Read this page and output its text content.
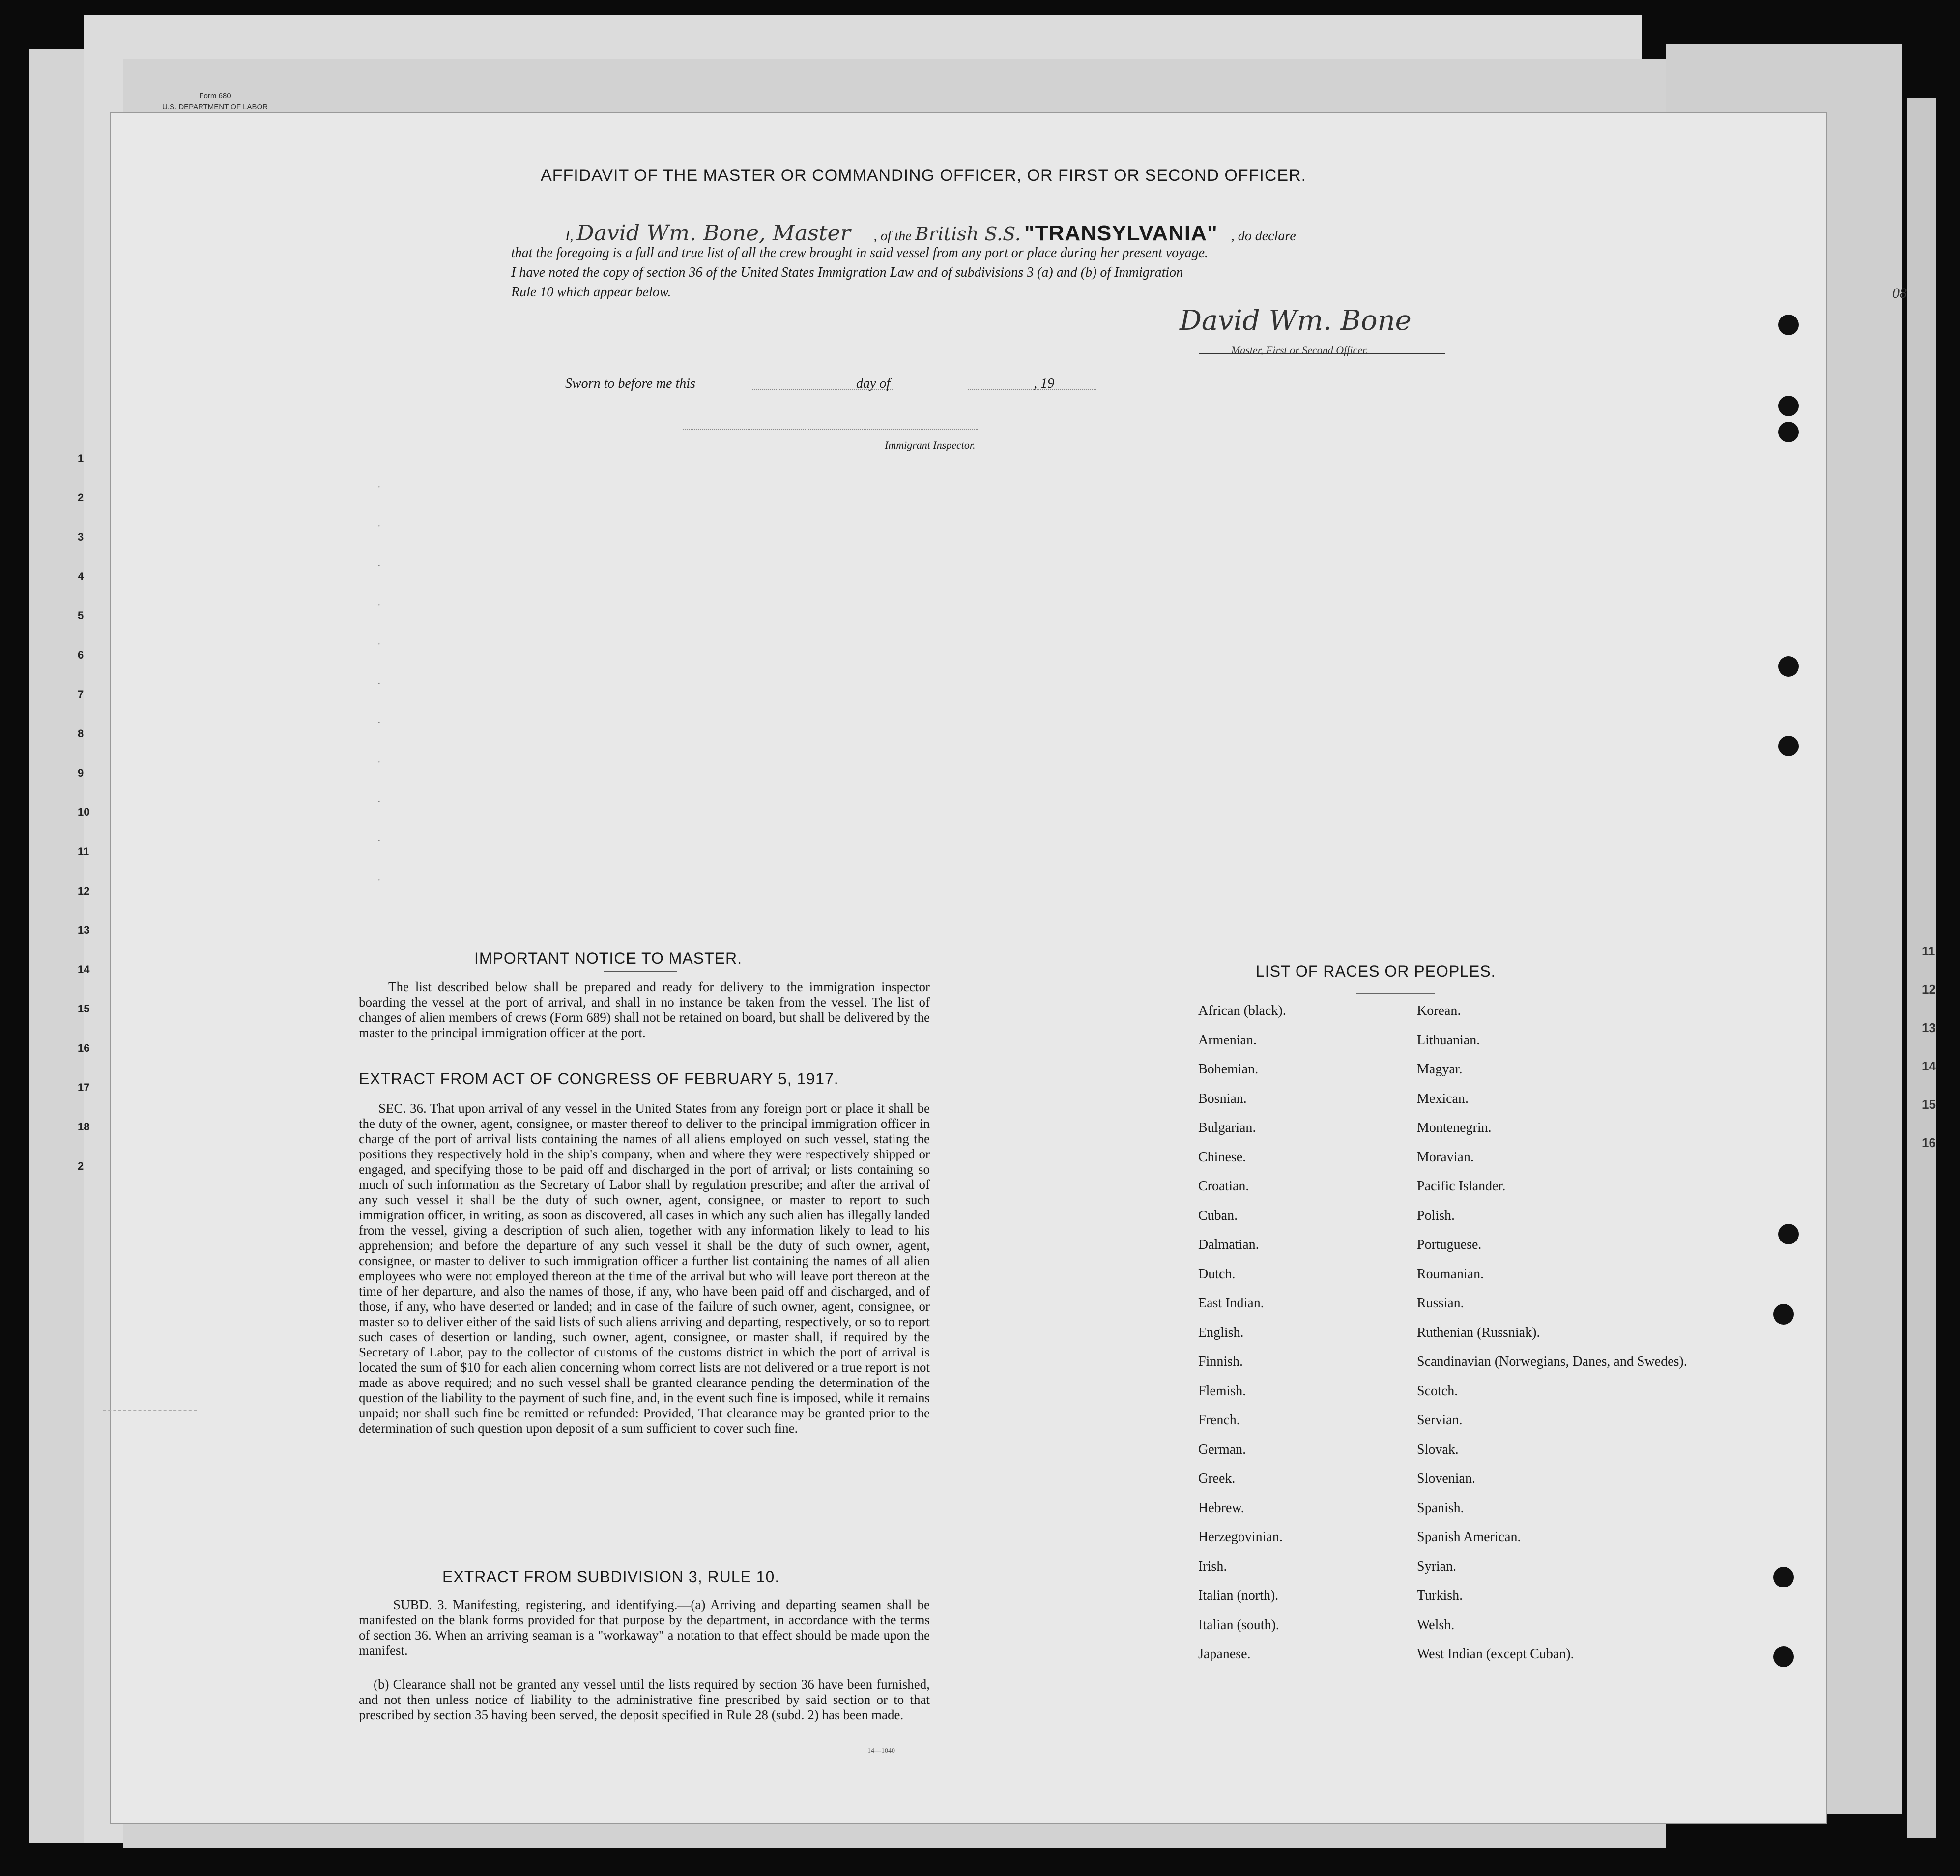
Form 680
U.S. DEPARTMENT OF LABOR
1
2
3
4
5
6
7
8
9
10
11
12
13
14
15
16
17
18
2
11
12
13
14
15
16
08
AFFIDAVIT OF THE MASTER OR COMMANDING OFFICER, OR FIRST OR SECOND OFFICER.
I, David Wm. Bone, Master , of the British S.S. "TRANSYLVANIA" , do declare
that the foregoing is a full and true list of all the crew brought in said vessel from any port or place during her present voyage.
I have noted the copy of section 36 of the United States Immigration Law and of subdivisions 3 (a) and (b) of Immigration
Rule 10 which appear below.
David Wm. Bone
Master, First or Second Officer.
Sworn to before me this	day of	, 19
Immigrant Inspector.
·
·
·
·
·
·
·
·
·
·
·
IMPORTANT NOTICE TO MASTER.
The list described below shall be prepared and ready for delivery to the immigration inspector boarding the vessel at the port of arrival, and shall in no instance be taken from the vessel. The list of changes of alien members of crews (Form 689) shall not be retained on board, but shall be delivered by the master to the principal immigration officer at the port.
EXTRACT FROM ACT OF CONGRESS OF FEBRUARY 5, 1917.
SEC. 36. That upon arrival of any vessel in the United States from any foreign port or place it shall be the duty of the owner, agent, consignee, or master thereof to deliver to the principal immigration officer in charge of the port of arrival lists containing the names of all aliens employed on such vessel, stating the positions they respectively hold in the ship's company, when and where they were respectively shipped or engaged, and specifying those to be paid off and discharged in the port of arrival; or lists containing so much of such information as the Secretary of Labor shall by regulation prescribe; and after the arrival of any such vessel it shall be the duty of such owner, agent, consignee, or master to report to such immigration officer, in writing, as soon as discovered, all cases in which any such alien has illegally landed from the vessel, giving a description of such alien, together with any information likely to lead to his apprehension; and before the departure of any such vessel it shall be the duty of such owner, agent, consignee, or master to deliver to such immigration officer a further list containing the names of all alien employees who were not employed thereon at the time of the arrival but who will leave port thereon at the time of her departure, and also the names of those, if any, who have been paid off and discharged, and of those, if any, who have deserted or landed; and in case of the failure of such owner, agent, consignee, or master so to deliver either of the said lists of such aliens arriving and departing, respectively, or so to report such cases of desertion or landing, such owner, agent, consignee, or master shall, if required by the Secretary of Labor, pay to the collector of customs of the customs district in which the port of arrival is located the sum of $10 for each alien concerning whom correct lists are not delivered or a true report is not made as above required; and no such vessel shall be granted clearance pending the determination of the question of the liability to the payment of such fine, and, in the event such fine is imposed, while it remains unpaid; nor shall such fine be remitted or refunded: Provided, That clearance may be granted prior to the determination of such question upon deposit of a sum sufficient to cover such fine.
EXTRACT FROM SUBDIVISION 3, RULE 10.
SUBD. 3. Manifesting, registering, and identifying.—(a) Arriving and departing seamen shall be manifested on the blank forms provided for that purpose by the department, in accordance with the terms of section 36. When an arriving seaman is a "workaway" a notation to that effect should be made upon the manifest.
(b) Clearance shall not be granted any vessel until the lists required by section 36 have been furnished, and not then unless notice of liability to the administrative fine prescribed by said section or to that prescribed by section 35 having been served, the deposit specified in Rule 28 (subd. 2) has been made.
14—1040
LIST OF RACES OR PEOPLES.
African (black).
Armenian.
Bohemian.
Bosnian.
Bulgarian.
Chinese.
Croatian.
Cuban.
Dalmatian.
Dutch.
East Indian.
English.
Finnish.
Flemish.
French.
German.
Greek.
Hebrew.
Herzegovinian.
Irish.
Italian (north).
Italian (south).
Japanese.
Korean.
Lithuanian.
Magyar.
Mexican.
Montenegrin.
Moravian.
Pacific Islander.
Polish.
Portuguese.
Roumanian.
Russian.
Ruthenian (Russniak).
Scandinavian (Norwegians, Danes, and Swedes).
Scotch.
Servian.
Slovak.
Slovenian.
Spanish.
Spanish American.
Syrian.
Turkish.
Welsh.
West Indian (except Cuban).
